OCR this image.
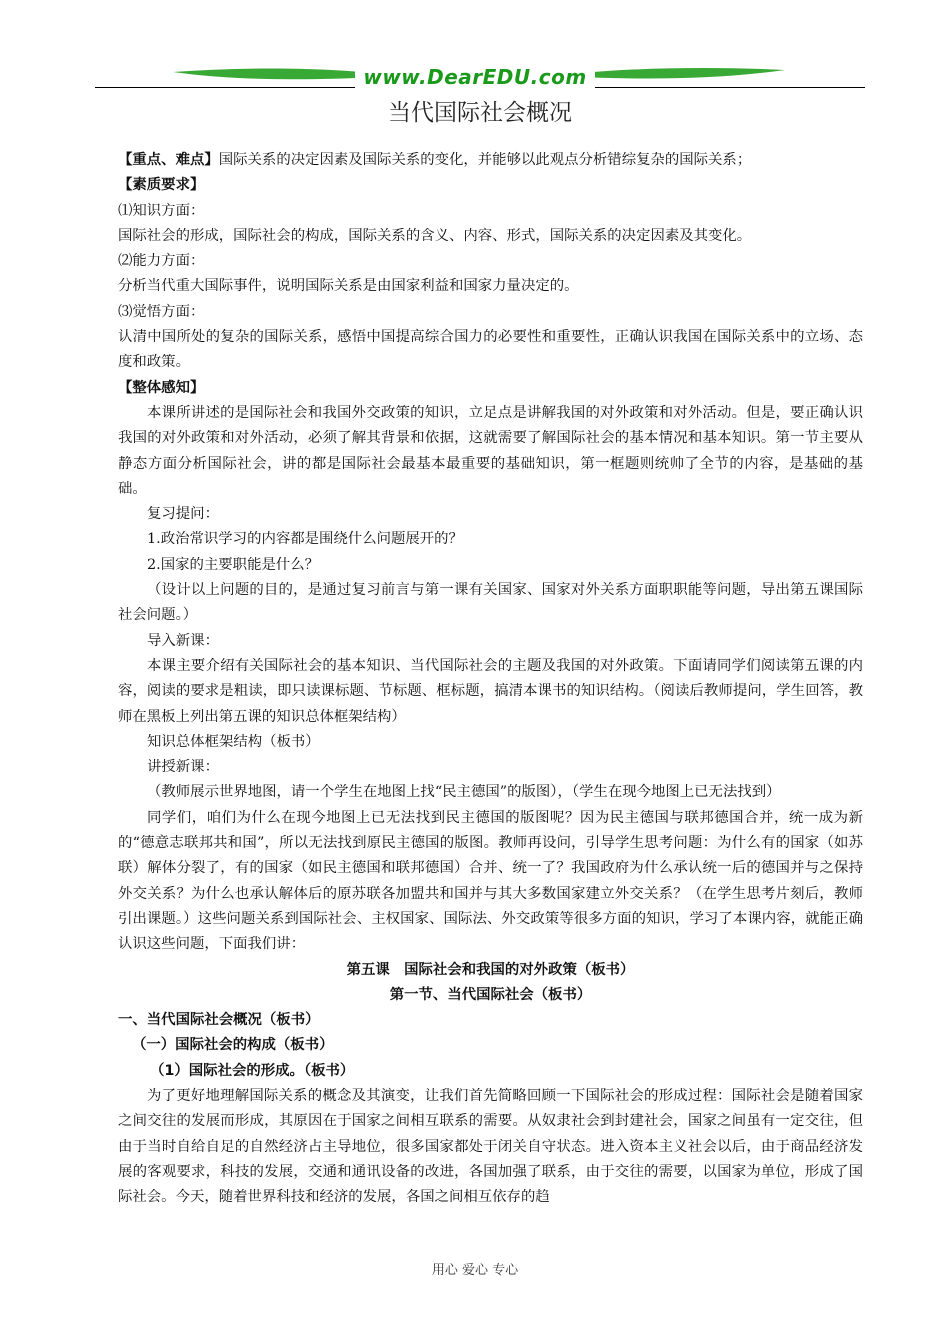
www.DearEDU.com
当代国际社会概况

【重点、难点】国际关系的决定因素及国际关系的变化，并能够以此观点分析错综复杂的国际关系；

【素质要求】

⑴知识方面：

国际社会的形成，国际社会的构成，国际关系的含义、内容、形式，国际关系的决定因素及其变化。

⑵能力方面：

分析当代重大国际事件，说明国际关系是由国家利益和国家力量决定的。

⑶觉悟方面：

认清中国所处的复杂的国际关系，感悟中国提高综合国力的必要性和重要性，正确认识我国在国际关系中的立场、态度和政策。

【整体感知】

本课所讲述的是国际社会和我国外交政策的知识，立足点是讲解我国的对外政策和对外活动。但是，要正确认识我国的对外政策和对外活动，必须了解其背景和依据，这就需要了解国际社会的基本情况和基本知识。第一节主要从静态方面分析国际社会，讲的都是国际社会最基本最重要的基础知识，第一框题则统帅了全节的内容，是基础的基础。

复习提问：

1.政治常识学习的内容都是围绕什么问题展开的？

2.国家的主要职能是什么？

（设计以上问题的目的，是通过复习前言与第一课有关国家、国家对外关系方面职职能等问题，导出第五课国际社会问题。）

导入新课：

本课主要介绍有关国际社会的基本知识、当代国际社会的主题及我国的对外政策。下面请同学们阅读第五课的内容，阅读的要求是粗读，即只读课标题、节标题、框标题，搞清本课书的知识结构。（阅读后教师提问，学生回答，教师在黑板上列出第五课的知识总体框架结构）

知识总体框架结构（板书）

讲授新课：

（教师展示世界地图，请一个学生在地图上找“民主德国”的版图），（学生在现今地图上已无法找到）

同学们，咱们为什么在现今地图上已无法找到民主德国的版图呢？因为民主德国与联邦德国合并，统一成为新的“德意志联邦共和国”，所以无法找到原民主德国的版图。教师再设问，引导学生思考问题：为什么有的国家（如苏联）解体分裂了，有的国家（如民主德国和联邦德国）合并、统一了？我国政府为什么承认统一后的德国并与之保持外交关系？为什么也承认解体后的原苏联各加盟共和国并与其大多数国家建立外交关系？（在学生思考片刻后，教师引出课题。）这些问题关系到国际社会、主权国家、国际法、外交政策等很多方面的知识，学习了本课内容，就能正确认识这些问题，下面我们讲：

第五课　国际社会和我国的对外政策（板书）

第一节、当代国际社会（板书）

一、当代国际社会概况（板书）

（一）国际社会的构成（板书）

（1）国际社会的形成。（板书）

为了更好地理解国际关系的概念及其演变，让我们首先简略回顾一下国际社会的形成过程：国际社会是随着国家之间交往的发展而形成，其原因在于国家之间相互联系的需要。从奴隶社会到封建社会，国家之间虽有一定交往，但由于当时自给自足的自然经济占主导地位，很多国家都处于闭关自守状态。进入资本主义社会以后，由于商品经济发展的客观要求，科技的发展，交通和通讯设备的改进，各国加强了联系，由于交往的需要，以国家为单位，形成了国际社会。今天，随着世界科技和经济的发展，各国之间相互依存的趋

用心 爱心 专心
